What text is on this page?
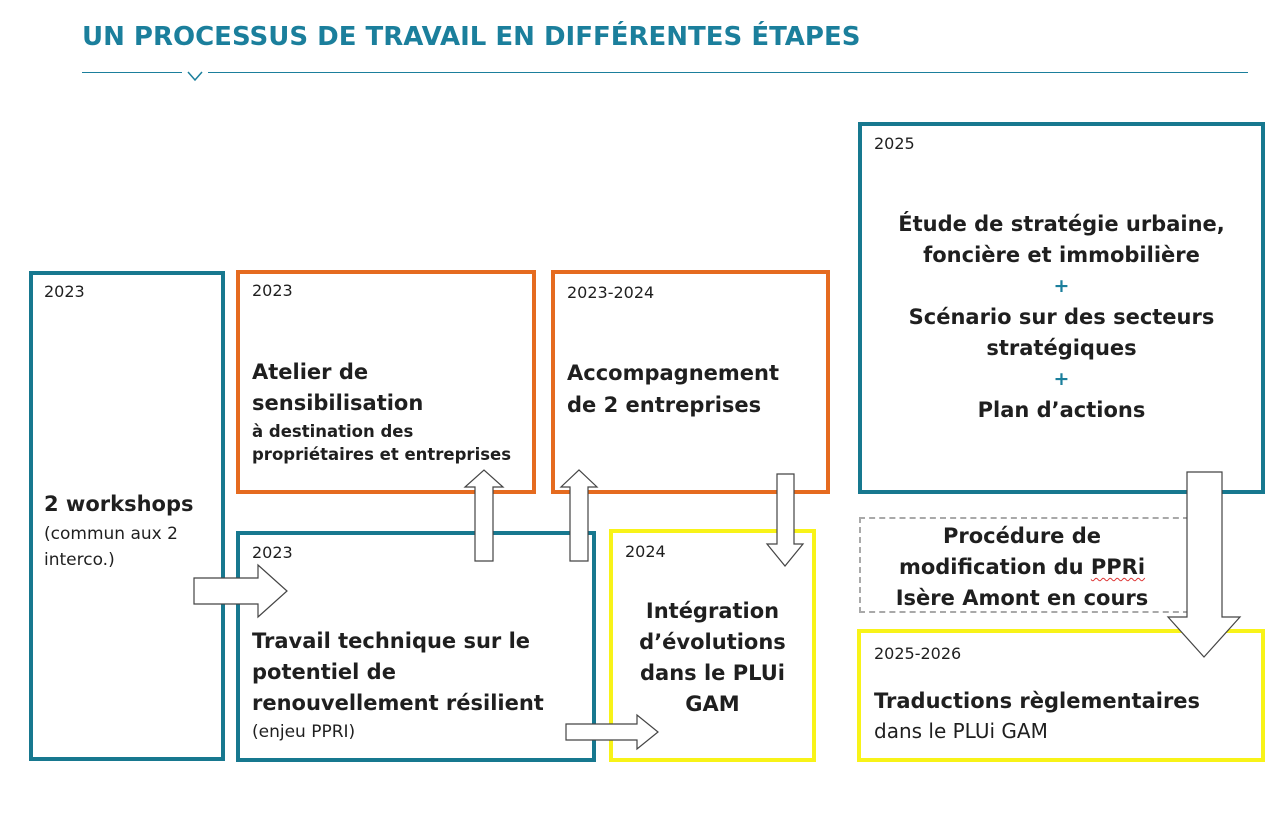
UN PROCESSUS DE TRAVAIL EN DIFFÉRENTES ÉTAPES
2023
2 workshops
(commun aux 2
interco.)
2023
Atelier de
sensibilisation
à destination des
propriétaires et entreprises
2023-2024
Accompagnement
de 2 entreprises
2023
Travail technique sur le
potentiel de
renouvellement résilient
(enjeu PPRI)
2024
Intégration
d’évolutions
dans le PLUi
GAM
2025
Étude de stratégie urbaine,
foncière et immobilière
+
Scénario sur des secteurs
stratégiques
+
Plan d’actions
Procédure de
modification du PPRi
Isère Amont en cours
2025-2026
Traductions règlementaires
dans le PLUi GAM
